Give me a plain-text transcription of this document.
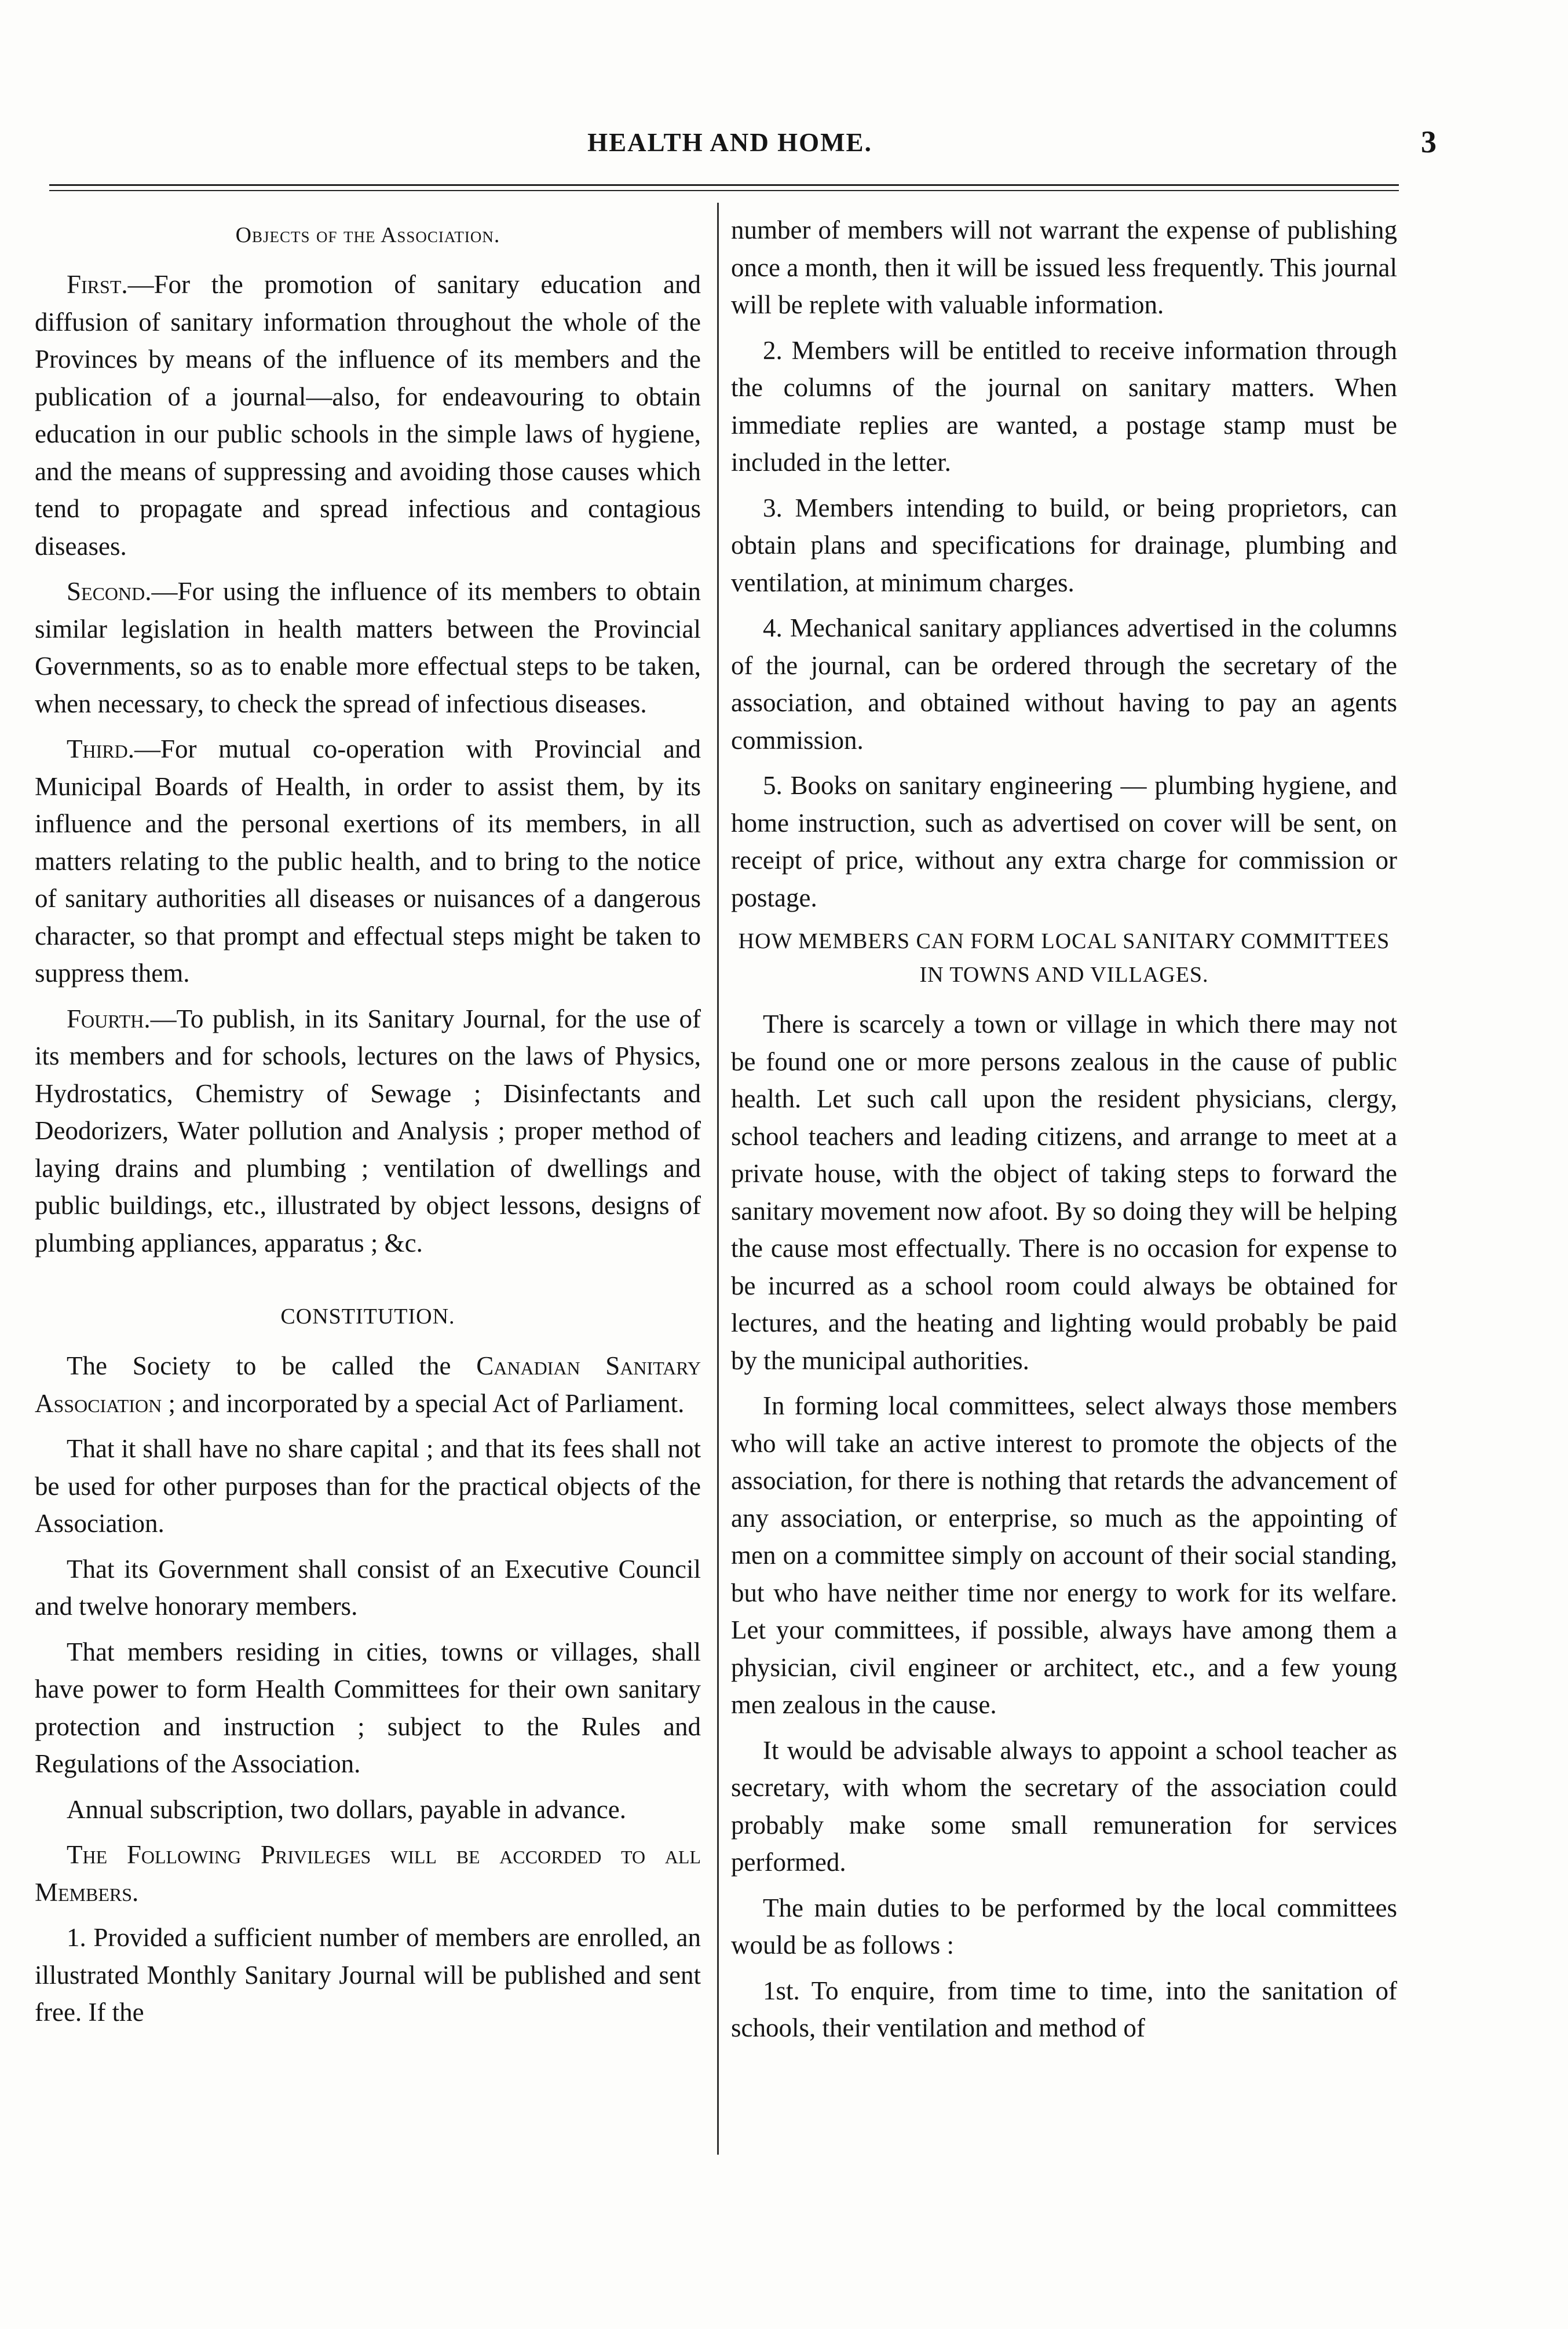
HEALTH AND HOME.	3
Objects of the Association.

First.—For the promotion of sanitary education and diffusion of sanitary information throughout the whole of the Provinces by means of the influence of its members and the publication of a journal—also, for endeavouring to obtain education in our public schools in the simple laws of hygiene, and the means of suppressing and avoiding those causes which tend to propagate and spread infectious and contagious diseases.

Second.—For using the influence of its members to obtain similar legislation in health matters between the Provincial Governments, so as to enable more effectual steps to be taken, when necessary, to check the spread of infectious diseases.

Third.—For mutual co-operation with Provincial and Municipal Boards of Health, in order to assist them, by its influence and the personal exertions of its members, in all matters relating to the public health, and to bring to the notice of sanitary authorities all diseases or nuisances of a dangerous character, so that prompt and effectual steps might be taken to suppress them.

Fourth.—To publish, in its Sanitary Journal, for the use of its members and for schools, lectures on the laws of Physics, Hydrostatics, Chemistry of Sewage ; Disinfectants and Deodorizers, Water pollution and Analysis ; proper method of laying drains and plumbing ; ventilation of dwellings and public buildings, etc., illustrated by object lessons, designs of plumbing appliances, apparatus ; &c.

CONSTITUTION.

The Society to be called the Canadian Sanitary Association ; and incorporated by a special Act of Parliament.

That it shall have no share capital ; and that its fees shall not be used for other purposes than for the practical objects of the Association.

That its Government shall consist of an Executive Council and twelve honorary members.

That members residing in cities, towns or villages, shall have power to form Health Committees for their own sanitary protection and instruction ; subject to the Rules and Regulations of the Association.

Annual subscription, two dollars, payable in advance.

The Following Privileges will be accorded to all Members.

1. Provided a sufficient number of members are enrolled, an illustrated Monthly Sanitary Journal will be published and sent free. If the

number of members will not warrant the expense of publishing once a month, then it will be issued less frequently. This journal will be replete with valuable information.

2. Members will be entitled to receive information through the columns of the journal on sanitary matters. When immediate replies are wanted, a postage stamp must be included in the letter.

3. Members intending to build, or being proprietors, can obtain plans and specifications for drainage, plumbing and ventilation, at minimum charges.

4. Mechanical sanitary appliances advertised in the columns of the journal, can be ordered through the secretary of the association, and obtained without having to pay an agents commission.

5. Books on sanitary engineering — plumbing hygiene, and home instruction, such as advertised on cover will be sent, on receipt of price, without any extra charge for commission or postage.

HOW MEMBERS CAN FORM LOCAL SANITARY COMMITTEES IN TOWNS AND VILLAGES.

There is scarcely a town or village in which there may not be found one or more persons zealous in the cause of public health. Let such call upon the resident physicians, clergy, school teachers and leading citizens, and arrange to meet at a private house, with the object of taking steps to forward the sanitary movement now afoot. By so doing they will be helping the cause most effectually. There is no occasion for expense to be incurred as a school room could always be obtained for lectures, and the heating and lighting would probably be paid by the municipal authorities.

In forming local committees, select always those members who will take an active interest to promote the objects of the association, for there is nothing that retards the advancement of any association, or enterprise, so much as the appointing of men on a committee simply on account of their social standing, but who have neither time nor energy to work for its welfare. Let your committees, if possible, always have among them a physician, civil engineer or architect, etc., and a few young men zealous in the cause.

It would be advisable always to appoint a school teacher as secretary, with whom the secretary of the association could probably make some small remuneration for services performed.

The main duties to be performed by the local committees would be as follows :

1st. To enquire, from time to time, into the sanitation of schools, their ventilation and method of
